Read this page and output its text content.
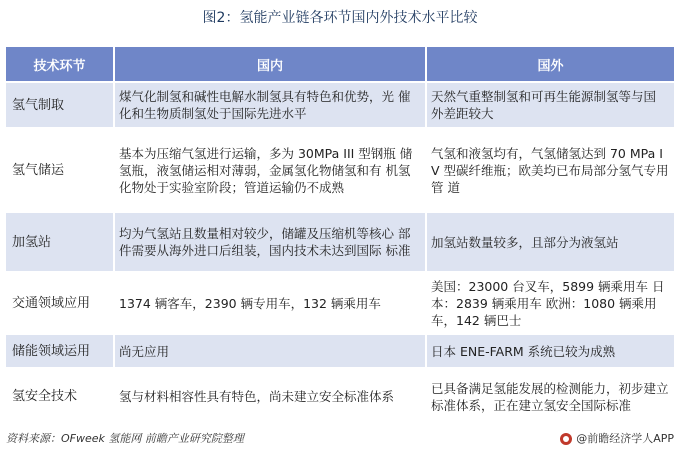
图2：氢能产业链各环节国内外技术水平比较
技术环节	国内	国外
氢气制取	煤气化制氢和碱性电解水制氢具有特色和优势，光 催化和生物质制氢处于国际先进水平	天然气重整制氢和可再生能源制氢等与国 外差距较大
氢气储运	基本为压缩气氢进行运输，多为 30MPa III 型钢瓶 储氢瓶，液氢储运相对薄弱，金属氢化物储氢和有 机氢化物处于实验室阶段；管道运输仍不成熟	气氢和液氢均有，气氢储氢达到 70 MPa IV 型碳纤维瓶；欧美均已布局部分氢气专用管 道
加氢站	均为气氢站且数量相对较少，储罐及压缩机等核心 部件需要从海外进口后组装，国内技术未达到国际 标准	加氢站数量较多，且部分为液氢站
交通领域应用	1374 辆客车，2390 辆专用车，132 辆乘用车	美国：23000 台叉车，5899 辆乘用车 日本：2839 辆乘用车 欧洲：1080 辆乘用车，142 辆巴士
储能领域运用	尚无应用	日本 ENE-FARM 系统已较为成熟
氢安全技术	氢与材料相容性具有特色，尚未建立安全标准体系	已具备满足氢能发展的检测能力，初步建立 标准体系，正在建立氢安全国际标准
资料来源：OFweek 氢能网 前瞻产业研究院整理	@前瞻经济学人APP
